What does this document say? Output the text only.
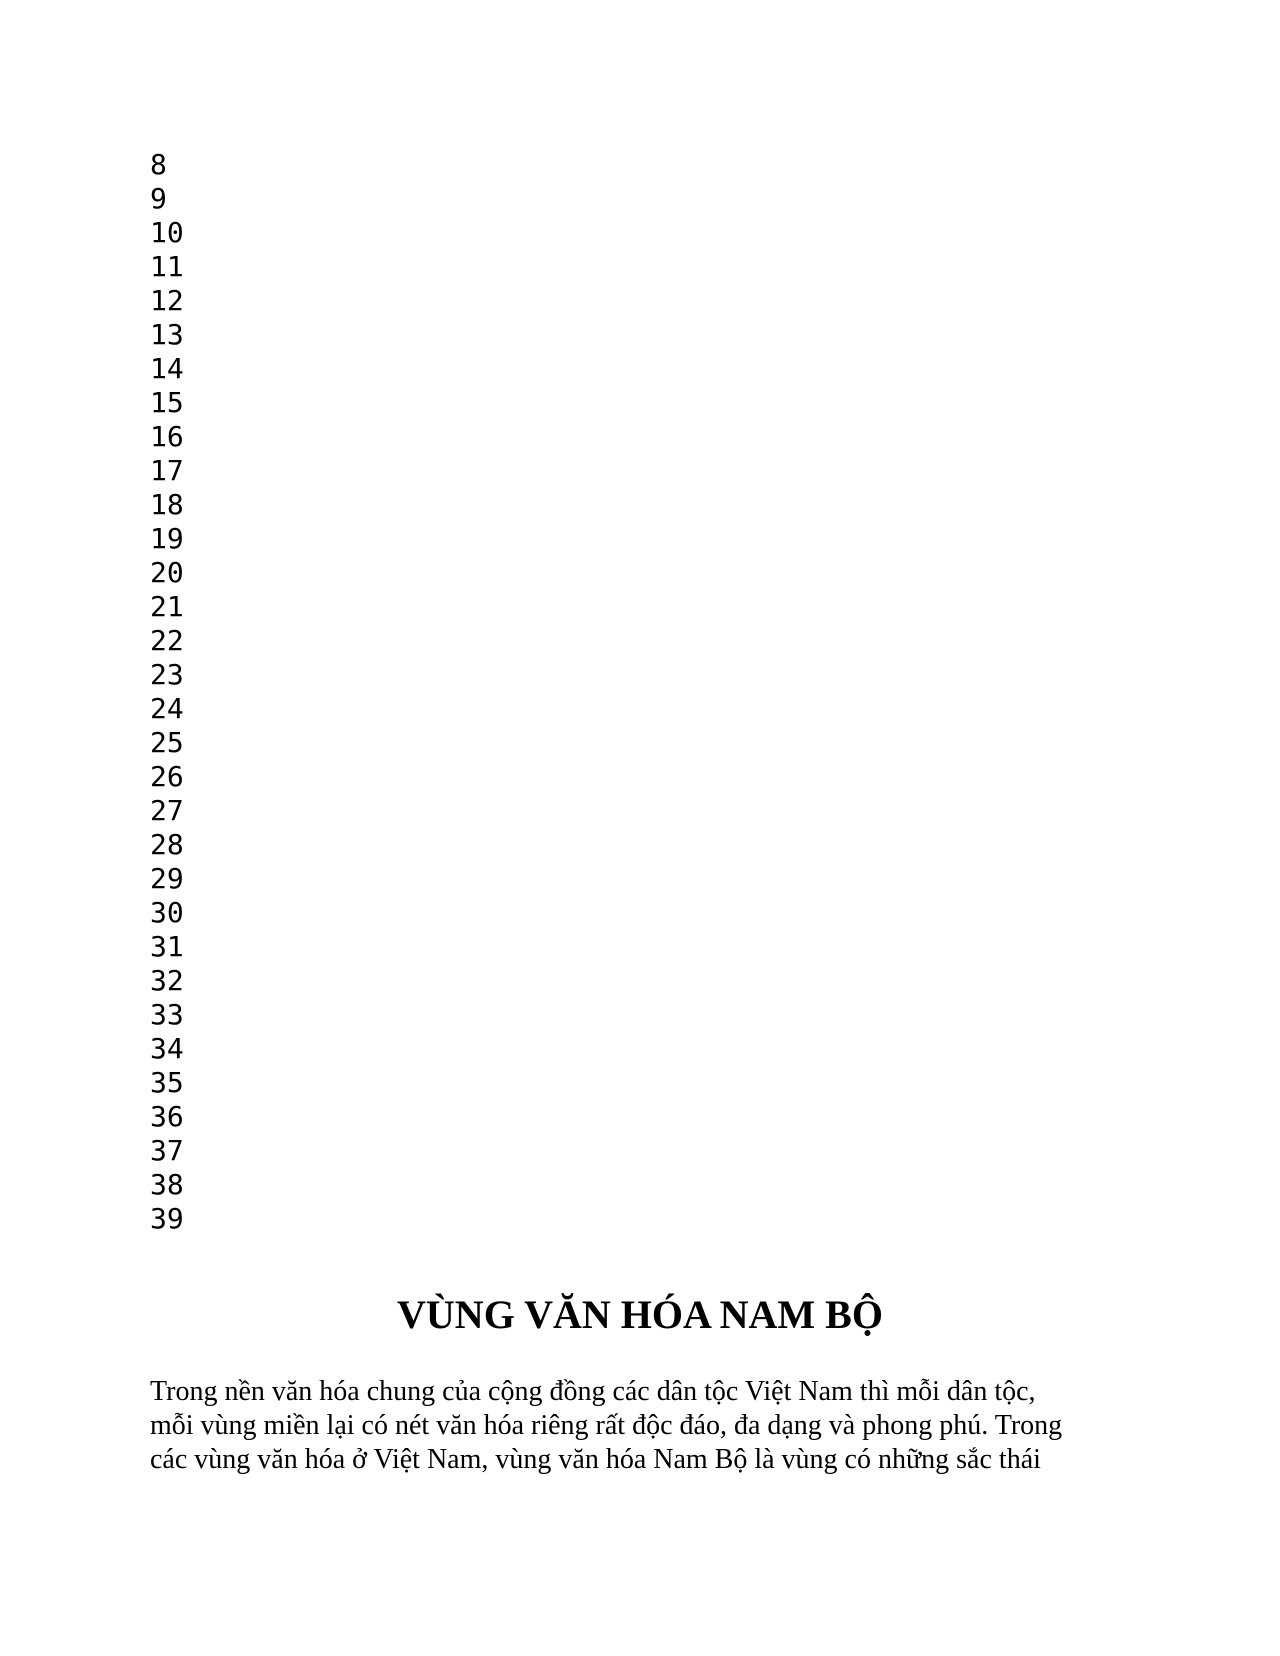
8
9
10
11
12
13
14
15
16
17
18
19
20
21
22
23
24
25
26
27
28
29
30
31
32
33
34
35
36
37
38
39
VÙNG VĂN HÓA NAM BỘ

Trong nền văn hóa chung của cộng đồng các dân tộc Việt Nam thì mỗi dân tộc,
mỗi vùng miền lại có nét văn hóa riêng rất độc đáo, đa dạng và phong phú. Trong
các vùng văn hóa ở Việt Nam, vùng văn hóa Nam Bộ là vùng có những sắc thái
